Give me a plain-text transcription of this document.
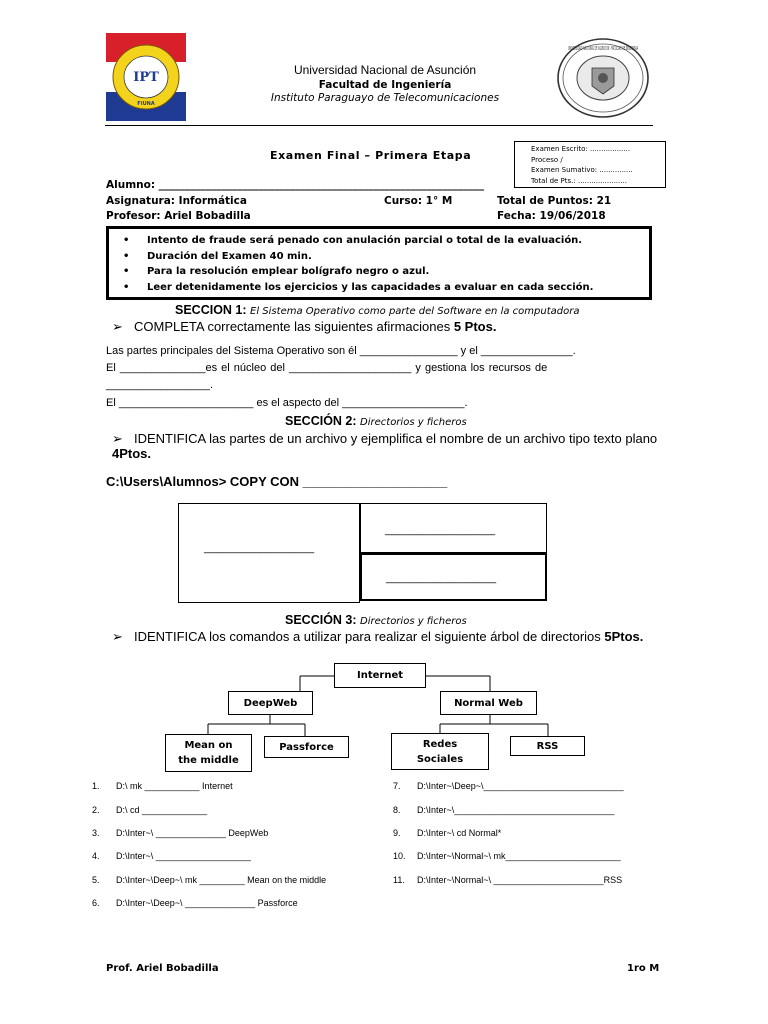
IPT
FIUNA
UNIVERSIDAD NACIONAL DE ASUNCION · FACULTAD DE INGENIERIA
Universidad Nacional de Asunción
Facultad de Ingeniería
Instituto Paraguayo de Telecomunicaciones
Examen Final – Primera Etapa	Examen Escrito: ..................
Proceso /
Examen Sumativo: ...............
Total de Pts.: ......................
Alumno: ______________________________________________________________
Asignatura: Informática	Curso: 1° M	Total de Puntos: 21
Profesor: Ariel Bobadilla	Fecha: 19/06/2018
• Intento de fraude será penado con anulación parcial o total de la evaluación.
• Duración del Examen 40 min.
• Para la resolución emplear bolígrafo negro o azul.
• Leer detenidamente los ejercicios y las capacidades a evaluar en cada sección.
SECCION 1: El Sistema Operativo como parte del Software en la computadora
➢ COMPLETA correctamente las siguientes afirmaciones 5 Ptos.
Las partes principales del Sistema Operativo son él ________________ y el _______________.
El ______________es el núcleo del ____________________ y gestiona los recursos de
_________________.
El ______________________ es el aspecto del ____________________.
SECCIÓN 2: Directorios y ficheros
➢ IDENTIFICA las partes de un archivo y ejemplifica el nombre de un archivo tipo texto plano 4Ptos.
C:\Users\Alumnos> COPY CON ____________________
__________________
__________________
__________________
SECCIÓN 3: Directorios y ficheros
➢ IDENTIFICA los comandos a utilizar para realizar el siguiente árbol de directorios 5Ptos.
Internet
DeepWeb	Normal Web
Mean on
the middle
Passforce	Redes
Sociales
RSS
1. D:\ mk ___________ Internet
2. D:\ cd _____________
3. D:\Inter~\ ______________ DeepWeb
4. D:\Inter~\ ___________________
5. D:\Inter~\Deep~\ mk _________ Mean on the middle
6. D:\Inter~\Deep~\ ______________ Passforce
7. D:\Inter~\Deep~\____________________________
8. D:\Inter~\________________________________
9. D:\Inter~\ cd Normal*
10. D:\Inter~\Normal~\ mk_______________________
11. D:\Inter~\Normal~\ ______________________RSS
Prof. Ariel Bobadilla	1ro M
